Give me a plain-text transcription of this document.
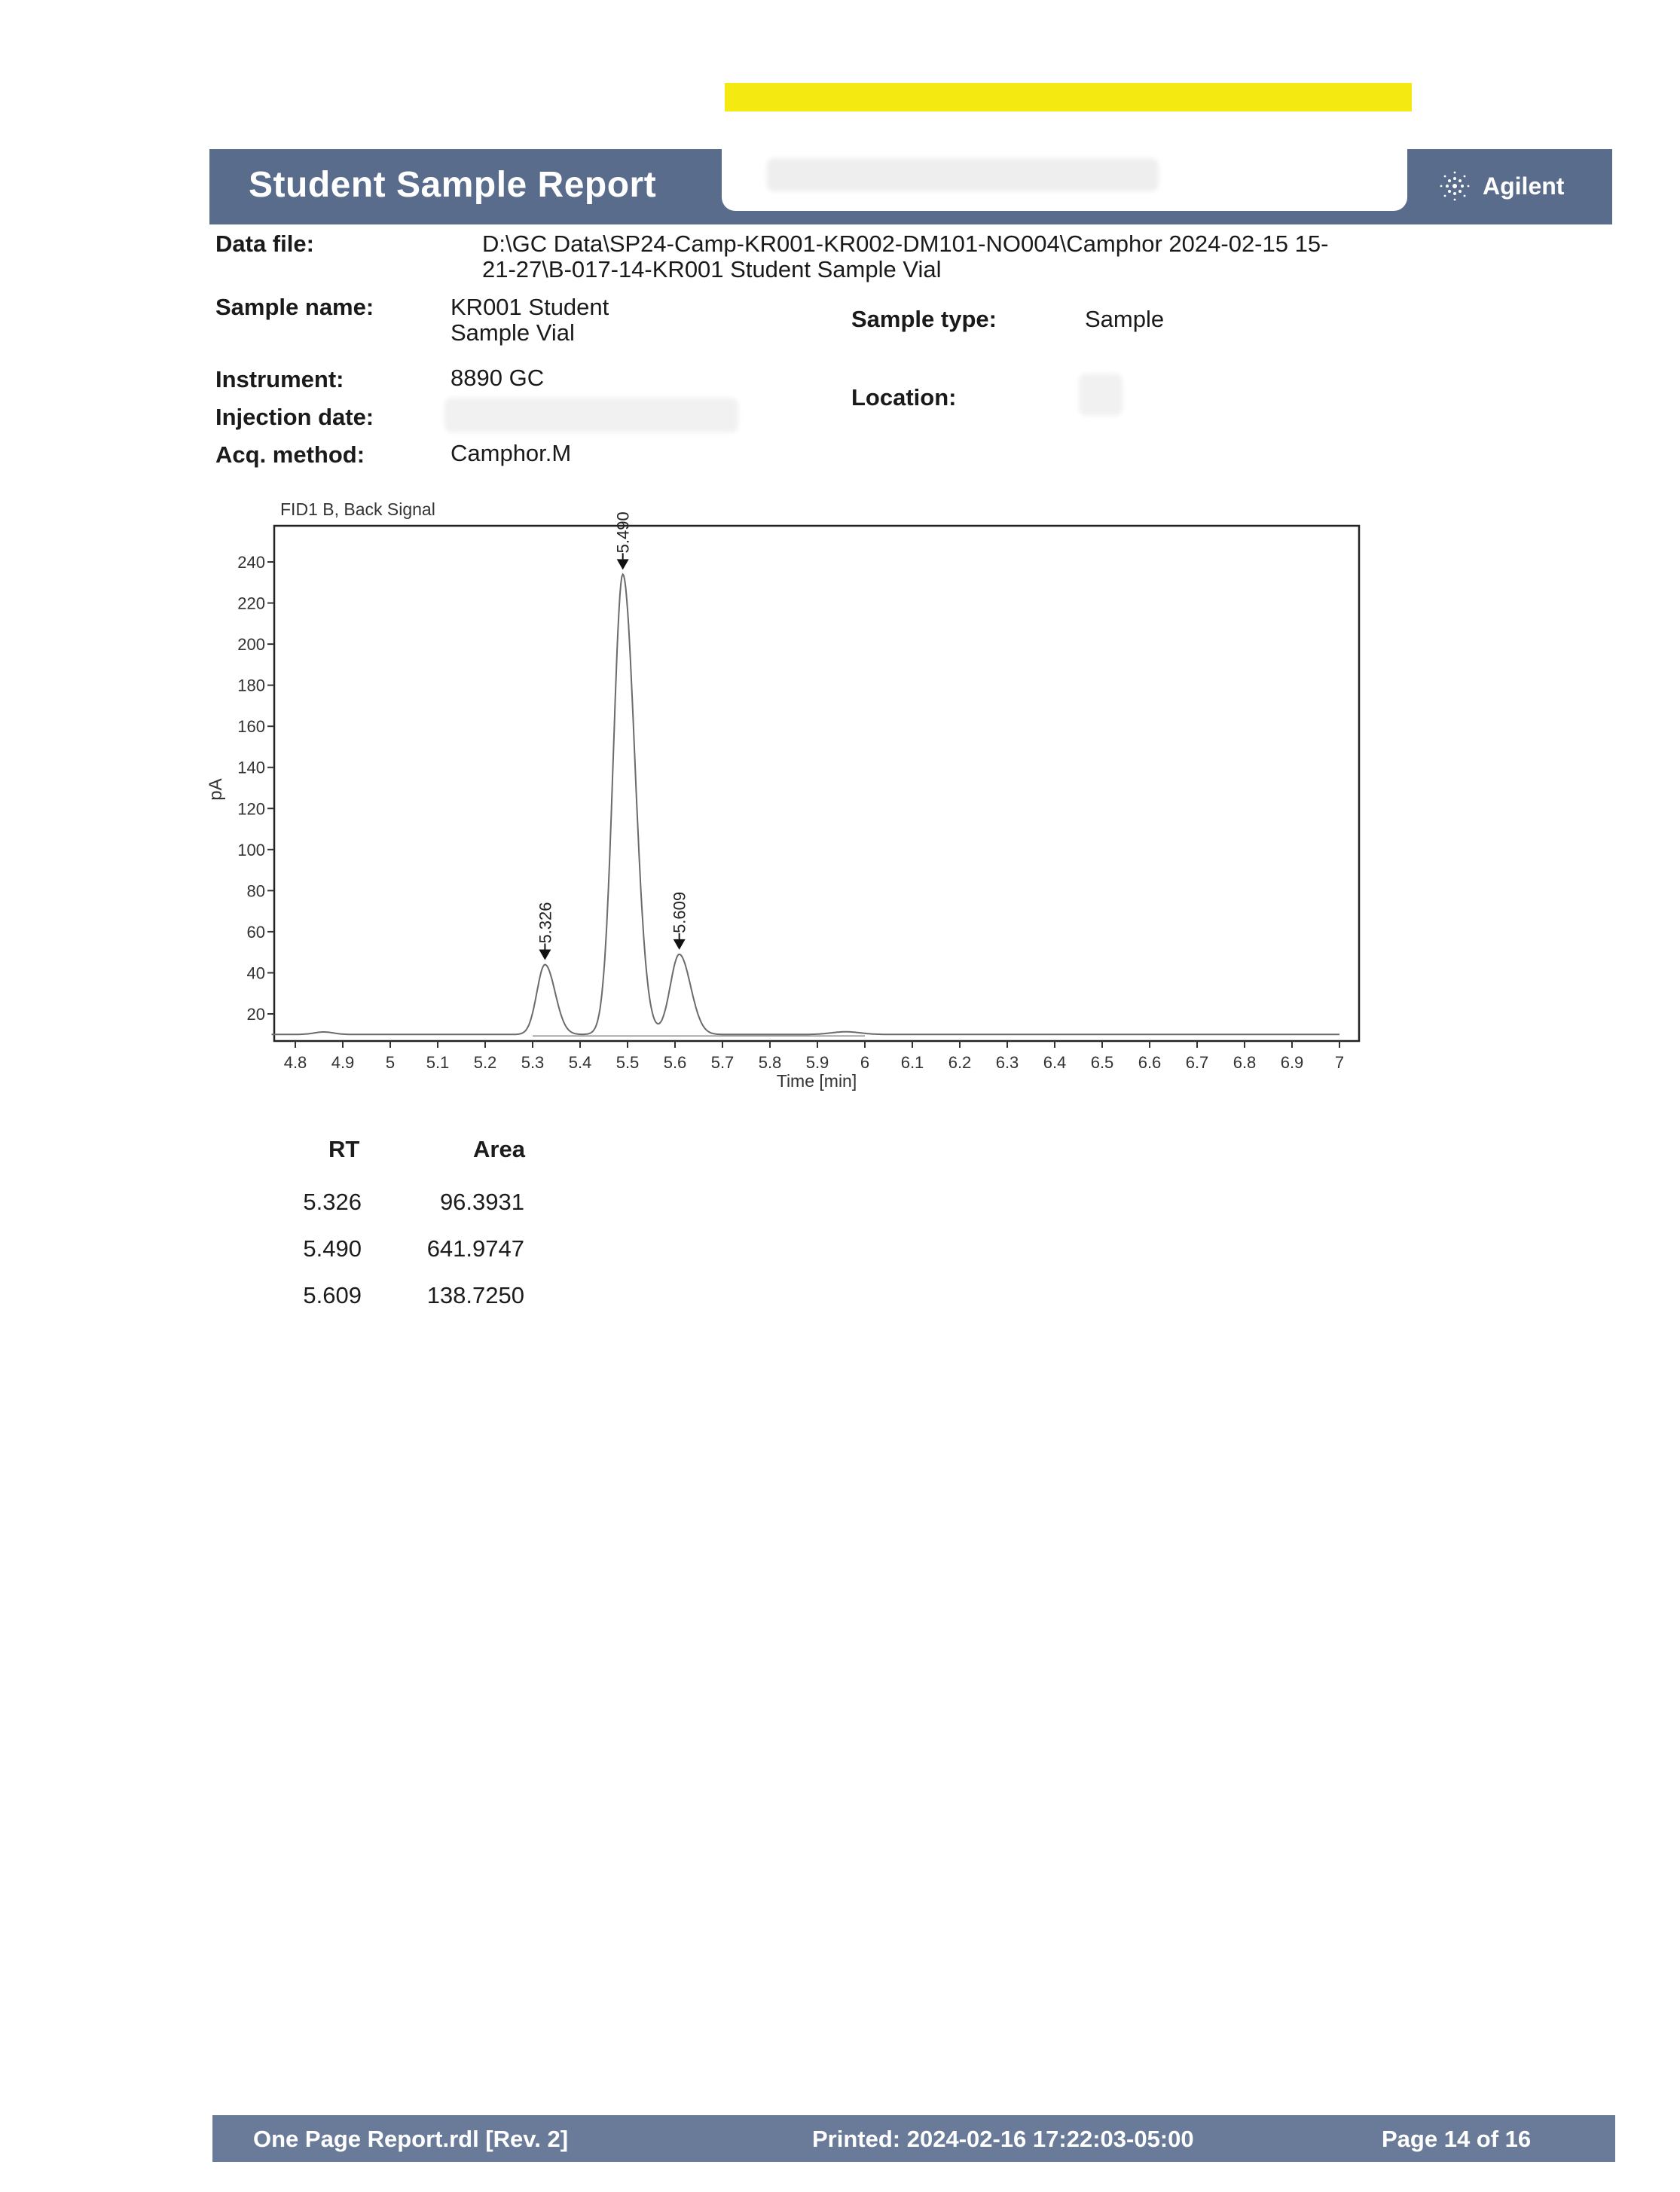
Student Sample Report	Agilent
Data file:	D:\GC Data\SP24-Camp-KR001-KR002-DM101-NO004\Camphor 2024-02-15 15-
21-27\B-017-14-KR001 Student Sample Vial
Sample name:	KR001 Student
Sample Vial
Sample type:	Sample
Instrument:	8890 GC
Location:
Injection date:
Acq. method:	Camphor.M
FID1 B, Back Signal
20
40
60
80
100
120
140
160
180
200
220
240
4.8 4.9 5 5.1 5.2 5.3 5.4 5.5 5.6 5.7 5.8 5.9 6 6.1 6.2 6.3 6.4 6.5 6.6 6.7 6.8 6.9 7
5.326
5.490
5.609
pA
Time [min]
RT	Area
5.326	96.3931
5.490	641.9747
5.609	138.7250
One Page Report.rdl [Rev. 2]	Printed: 2024-02-16 17:22:03-05:00	Page 14 of 16
